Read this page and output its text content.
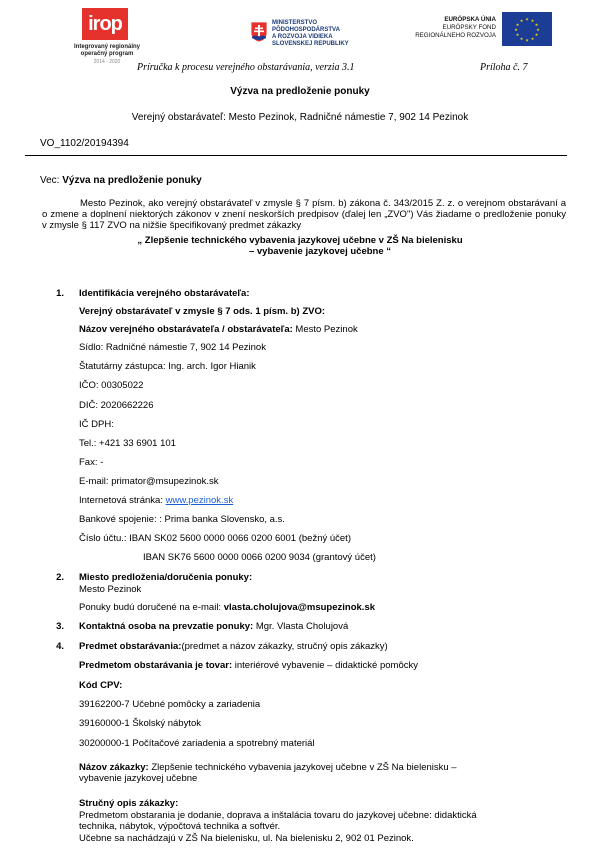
irop
Integrovaný regionálny operačný program
2014 - 2020
MINISTERSTVO
PÔDOHOSPODÁRSTVA
A ROZVOJA VIDIEKA
SLOVENSKEJ REPUBLIKY
EURÓPSKA ÚNIA
EURÓPSKY FOND
REGIONÁLNEHO ROZVOJA
★ ★
★
★
★
★
★
★
★
★
★
★
Príručka k procesu verejného obstarávania, verzia 3.1	Príloha č. 7
Výzva na predloženie ponuky
Verejný obstarávateľ: Mesto Pezinok, Radničné námestie 7, 902 14 Pezinok
VO_1102/20194394
Vec: Výzva na predloženie ponuky
Mesto Pezinok, ako verejný obstarávateľ v zmysle § 7 písm. b) zákona č. 343/2015 Z. z. o verejnom obstarávaní a o zmene a doplnení niektorých zákonov v znení neskorších predpisov (ďalej len „ZVO") Vás žiadame o predloženie ponuky v zmysle § 117 ZVO na nižšie špecifikovaný predmet zákazky
„ Zlepšenie technického vybavenia jazykovej učebne v ZŠ Na bielenisku
– vybavenie jazykovej učebne “
1. Identifikácia verejného obstarávateľa:
Verejný obstarávateľ v zmysle § 7 ods. 1 písm. b) ZVO:
Názov verejného obstarávateľa / obstarávateľa: Mesto Pezinok
Sídlo: Radničné námestie 7, 902 14 Pezinok
Štatutárny zástupca: Ing. arch. Igor Hianik
IČO: 00305022
DIČ: 2020662226
IČ DPH:
Tel.: +421 33 6901 101
Fax: -
E-mail: primator@msupezinok.sk
Internetová stránka: www.pezinok.sk
Bankové spojenie: : Prima banka Slovensko, a.s.
Číslo účtu.: IBAN SK02 5600 0000 0066 0200 6001 (bežný účet)
IBAN SK76 5600 0000 0066 0200 9034 (grantový účet)
2. Miesto predloženia/doručenia ponuky:
Mesto Pezinok
Ponuky budú doručené na e-mail: vlasta.cholujova@msupezinok.sk
3. Kontaktná osoba na prevzatie ponuky: Mgr. Vlasta Cholujová
4. Predmet obstarávania:(predmet a názov zákazky, stručný opis zákazky)
Predmetom obstarávania je tovar: interiérové vybavenie – didaktické pomôcky
Kód CPV:
39162200-7 Učebné pomôcky a zariadenia
39160000-1 Školský nábytok
30200000-1 Počítačové zariadenia a spotrebný materiál
Názov zákazky: Zlepšenie technického vybavenia jazykovej učebne v ZŠ Na bielenisku –
vybavenie jazykovej učebne
Stručný opis zákazky:
Predmetom obstarania je dodanie, doprava a inštalácia tovaru do jazykovej učebne: didaktická
technika, nábytok, výpočtová technika a softvér.
Učebne sa nachádzajú v ZŠ Na bielenisku, ul. Na bielenisku 2, 902 01 Pezinok.
